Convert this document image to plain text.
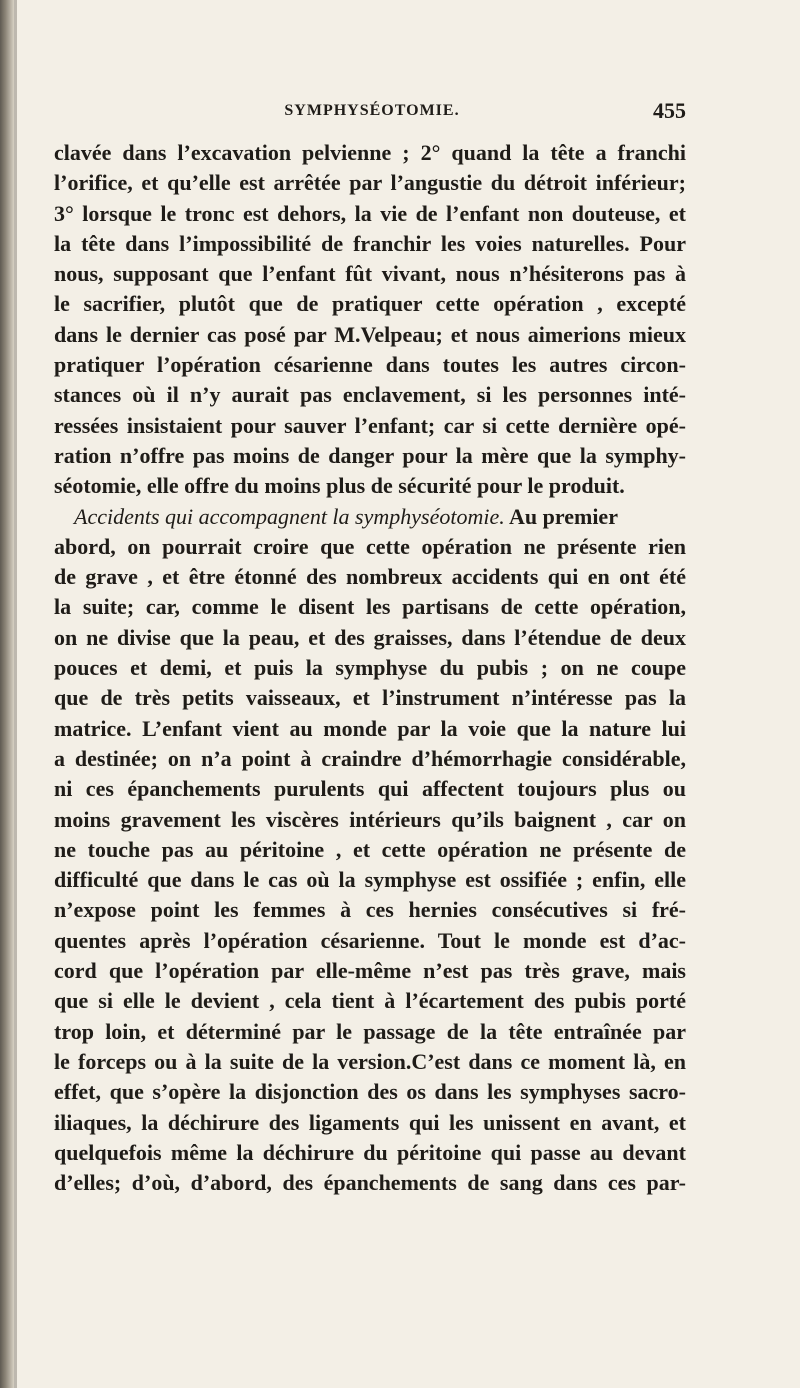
SYMPHYSÉOTOMIE.	455
clavée dans l’excavation pelvienne ; 2° quand la tête a franchi
l’orifice, et qu’elle est arrêtée par l’angustie du détroit inférieur;
3° lorsque le tronc est dehors, la vie de l’enfant non douteuse, et
la tête dans l’impossibilité de franchir les voies naturelles. Pour
nous, supposant que l’enfant fût vivant, nous n’hésiterons pas à
le sacrifier, plutôt que de pratiquer cette opération , excepté
dans le dernier cas posé par M.Velpeau; et nous aimerions mieux
pratiquer l’opération césarienne dans toutes les autres circon-
stances où il n’y aurait pas enclavement, si les personnes inté-
ressées insistaient pour sauver l’enfant; car si cette dernière opé-
ration n’offre pas moins de danger pour la mère que la symphy-
séotomie, elle offre du moins plus de sécurité pour le produit.
Accidents qui accompagnent la symphyséotomie. Au premier
abord, on pourrait croire que cette opération ne présente rien
de grave , et être étonné des nombreux accidents qui en ont été
la suite; car, comme le disent les partisans de cette opération,
on ne divise que la peau, et des graisses, dans l’étendue de deux
pouces et demi, et puis la symphyse du pubis ; on ne coupe
que de très petits vaisseaux, et l’instrument n’intéresse pas la
matrice. L’enfant vient au monde par la voie que la nature lui
a destinée; on n’a point à craindre d’hémorrhagie considérable,
ni ces épanchements purulents qui affectent toujours plus ou
moins gravement les viscères intérieurs qu’ils baignent , car on
ne touche pas au péritoine , et cette opération ne présente de
difficulté que dans le cas où la symphyse est ossifiée ; enfin, elle
n’expose point les femmes à ces hernies consécutives si fré-
quentes après l’opération césarienne. Tout le monde est d’ac-
cord que l’opération par elle-même n’est pas très grave, mais
que si elle le devient , cela tient à l’écartement des pubis porté
trop loin, et déterminé par le passage de la tête entraînée par
le forceps ou à la suite de la version.C’est dans ce moment là, en
effet, que s’opère la disjonction des os dans les symphyses sacro-
iliaques, la déchirure des ligaments qui les unissent en avant, et
quelquefois même la déchirure du péritoine qui passe au devant
d’elles; d’où, d’abord, des épanchements de sang dans ces par-
